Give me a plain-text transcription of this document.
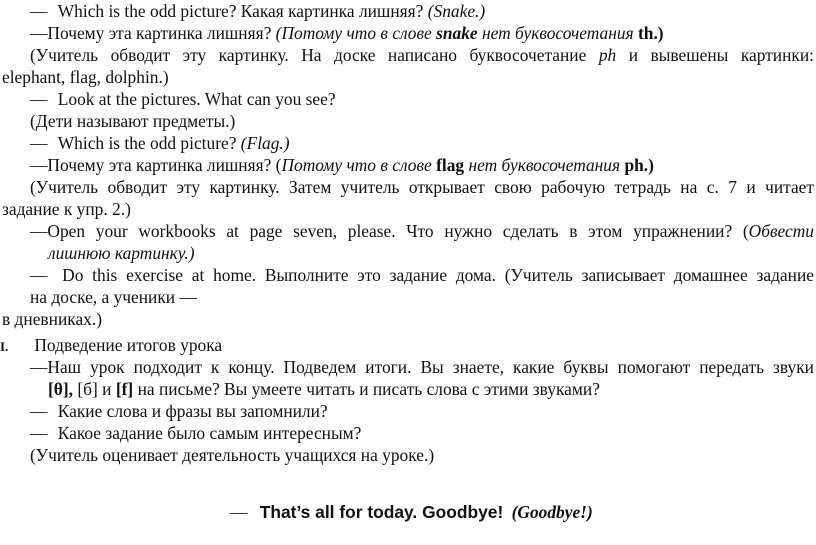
— Which is the odd picture? Какая картинка лишняя? (Snake.)
—Почему эта картинка лишняя? (Потому что в слове snake нет буквосочетания th.)
(Учитель обводит эту картинку. На доске написано буквосочетание ph и вывешены картинки:
elephant, flag, dolphin.)
— Look at the pictures. What can you see?
(Дети называют предметы.)
— Which is the odd picture? (Flag.)
—Почему эта картинка лишняя? (Потому что в слове flag нет буквосочетания ph.)
(Учитель обводит эту картинку. Затем учитель открывает свою рабочую тетрадь на с. 7 и читает
задание к упр. 2.)
—Open your workbooks at page seven, please. Что нужно сделать в этом упражнении? (Обвести
лишнюю картинку.)
— Do this exercise at home. Выполните это задание дома. (Учитель записывает домашнее задание
на доске, а ученики —
в дневниках.)
I. Подведение итогов урока
—Наш урок подходит к концу. Подведем итоги. Вы знаете, какие буквы помогают передать звуки
[θ], [б] и [f] на письме? Вы умеете читать и писать слова с этими звуками?
— Какие слова и фразы вы запомнили?
— Какое задание было самым интересным?
(Учитель оценивает деятельность учащихся на уроке.)
— That’s all for today. Goodbye! (Goodbye!)
